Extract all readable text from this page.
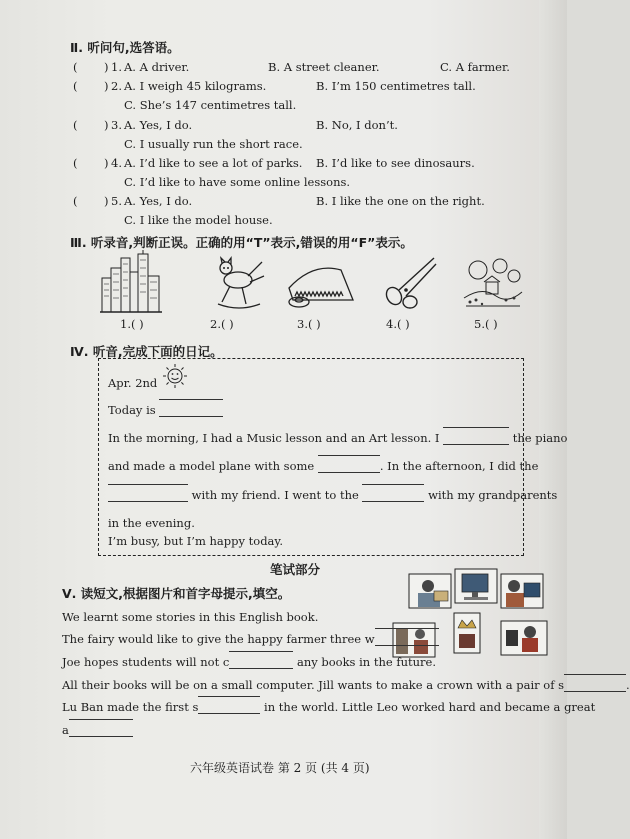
Ⅱ. 听问句,选答语。
( ) 1. A. A driver.	B. A street cleaner.	C. A farmer.
( ) 2. A. I weigh 45 kilograms.	B. I’m 150 centimetres tall.
C. She’s 147 centimetres tall.
( ) 3. A. Yes, I do.	B. No, I don’t.
C. I usually run the short race.
( ) 4. A. I’d like to see a lot of parks. B. I’d like to see dinosaurs.
C. I’d like to have some online lessons.
( ) 5. A. Yes, I do.	B. I like the one on the right.
C. I like the model house.
Ⅲ. 听录音,判断正误。正确的用“T”表示,错误的用“F”表示。
1.( )	2.( )	3.( )	4.( )	5.( )
Ⅳ. 听音,完成下面的日记。
Apr. 2nd
Today is
In the morning, I had a Music lesson and an Art lesson. I	the piano
and made a model plane with some	. In the afternoon, I did the
with my friend. I went to the	with my grandparents
in the evening.
I’m busy, but I’m happy today.
笔试部分
Ⅴ. 读短文,根据图片和首字母提示,填空。
We learnt some stories in this English book.
The fairy would like to give the happy farmer three w
Joe hopes students will not c	any books in the future.
All their books will be on a small computer. Jill wants to make a crown with a pair of s	.
Lu Ban made the first s	in the world. Little Leo worked hard and became a great
a
六年级英语试卷 第 2 页 (共 4 页)
